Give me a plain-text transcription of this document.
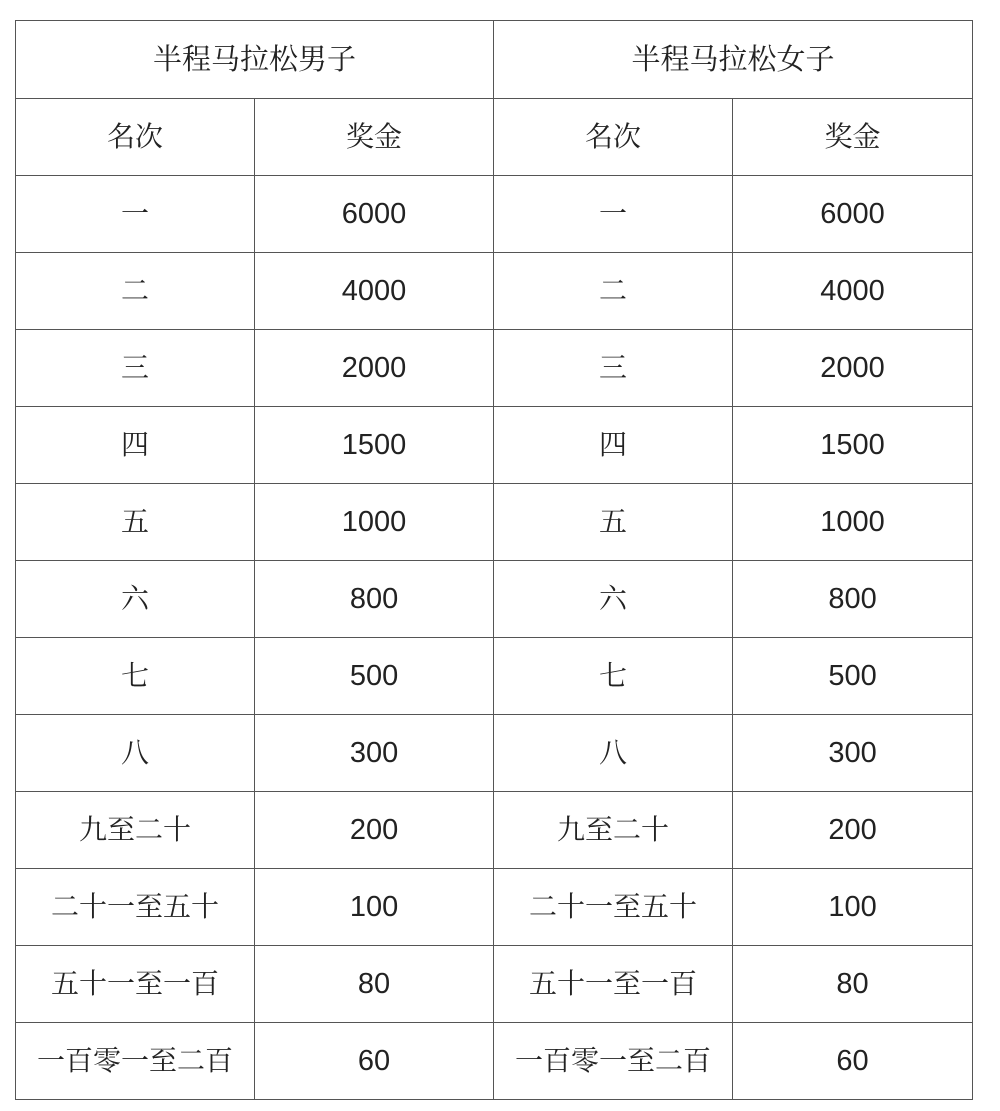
半程马拉松男子		半程马拉松女子	
名次	奖金	名次	奖金
一	6000	一	6000
二	4000	二	4000
三	2000	三	2000
四	1500	四	1500
五	1000	五	1000
六	800	六	800
七	500	七	500
八	300	八	300
九至二十	200	九至二十	200
二十一至五十	100	二十一至五十	100
五十一至一百	80	五十一至一百	80
一百零一至二百	60	一百零一至二百	60
